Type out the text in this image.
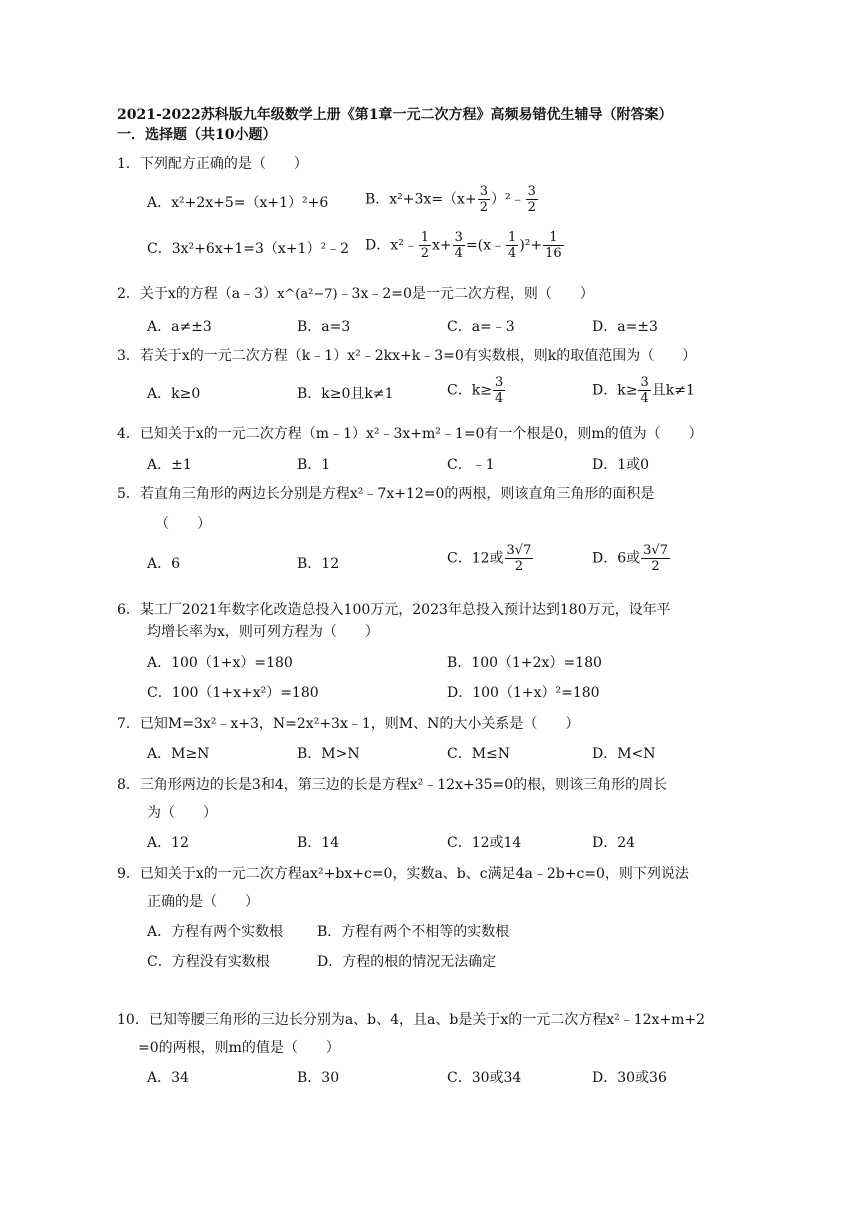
2021-2022苏科版九年级数学上册《第1章一元二次方程》高频易错优生辅导（附答案）
一．选择题（共10小题）
1．下列配方正确的是（　　）
A．x²+2x+5=（x+1）²+6	B．$x^2+3x=(x+ \frac{3}{2}$ ）²﹣ $\frac{3}{2}$
C．3x²+6x+1=3（x+1）²﹣2 D．x²﹣ $\frac{1}{2} x+ \frac{3}{4}$ =(x﹣ $\frac{1}{4} )^2+ \frac{1}{16}$
2．关于x的方程（a﹣3）x^(a²−7)﹣3x﹣2=0是一元二次方程，则（　　）
A．a≠±3	B．a=3	C．a=﹣3	D．a=±3
3．若关于x的一元二次方程（k﹣1）x²﹣2kx+k﹣3=0有实数根，则k的取值范围为（　　）
A．k≥0	B．k≥0且k≠1	C．$k\ge \frac{3}{4}$	D．$k\ge \frac{3}{4}$ 且k≠1
4．已知关于x的一元二次方程（m﹣1）x²﹣3x+m²﹣1=0有一个根是0，则m的值为（　　）
A．±1	B．1	C．﹣1	D．1或0
5．若直角三角形的两边长分别是方程x²﹣7x+12=0的两根，则该直角三角形的面积是
（　　）
A．6	B．12	C．12或 $\frac{3√7}{2}$	D．6或 $\frac{3√7}{2}$
6．某工厂2021年数字化改造总投入100万元，2023年总投入预计达到180万元，设年平
均增长率为x，则可列方程为（　　）
A．100（1+x）=180	B．100（1+2x）=180
C．100（1+x+x²）=180	D．100（1+x）²=180
7．已知M=3x²﹣x+3，N=2x²+3x﹣1，则M、N的大小关系是（　　）
A．M≥N	B．M>N	C．M≤N	D．M<N
8．三角形两边的长是3和4，第三边的长是方程x²﹣12x+35=0的根，则该三角形的周长
为（　　）
A．12	B．14	C．12或14	D．24
9．已知关于x的一元二次方程ax²+bx+c=0，实数a、b、c满足4a﹣2b+c=0，则下列说法
正确的是（　　）
A．方程有两个实数根 B．方程有两个不相等的实数根
C．方程没有实数根	D．方程的根的情况无法确定
10．已知等腰三角形的三边长分别为a、b、4，且a、b是关于x的一元二次方程x²﹣12x+m+2
=0的两根，则m的值是（　　）
A．34	B．30	C．30或34	D．30或36
